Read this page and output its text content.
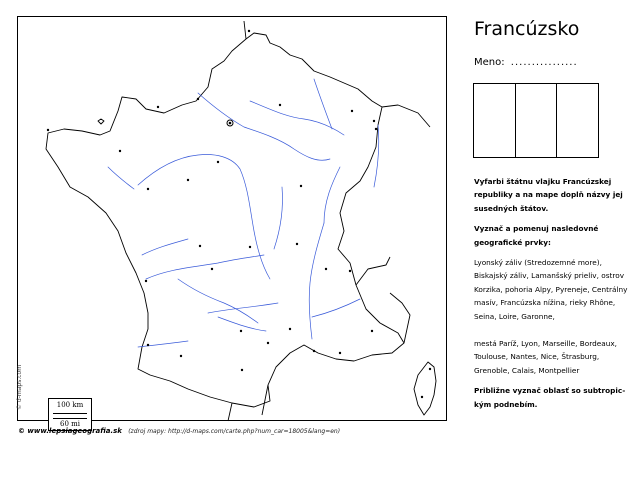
100 km
60 mi
© d-maps.com
© www.lepsiageografia.sk (zdroj mapy: http://d-maps.com/carte.php?num_car=18005&lang=en)
Francúzsko
Meno: ................

Vyfarbi štátnu vlajku Francúzskej republiky a na mape doplň názvy jej susedných štátov.

Vyznač a pomenuj nasledovné geografické prvky:

Lyonský záliv (Stredozemné more), Biskajský záliv, Lamanšský prieliv, ostrov Korzika, pohoria Alpy, Pyreneje, Centrálny masív, Francúzska nížina, rieky Rhône, Seina, Loire, Garonne,

mestá Paríž, Lyon, Marseille, Bordeaux, Toulouse, Nantes, Nice, Štrasburg, Grenoble, Calais, Montpellier

Približne vyznač oblasť so subtropickým podnebím.
